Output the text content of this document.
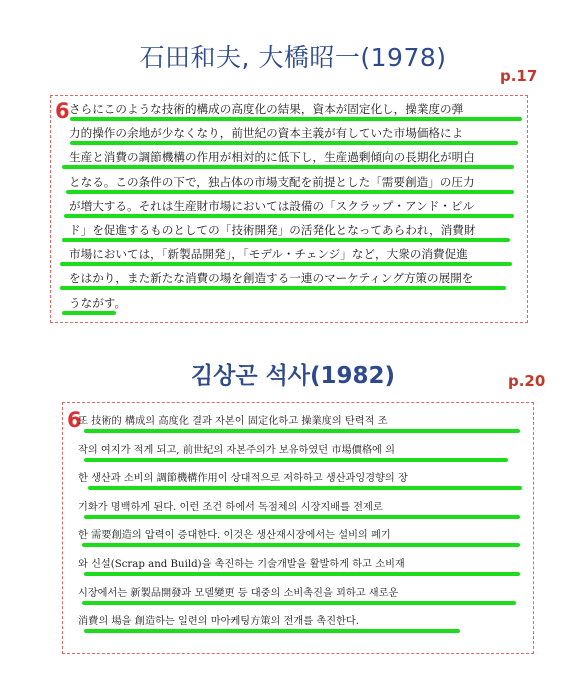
石田和夫, 大橋昭一(1978)
p.17
6 さらにこのような技術的構成の高度化の結果，資本が固定化し，操業度の弾
力的操作の余地が少なくなり，前世紀の資本主義が有していた市場価格によ
生産と消費の調節機構の作用が相対的に低下し，生産過剰傾向の長期化が明白
となる。この条件の下で，独占体の市場支配を前提とした「需要創造」の圧力
が増大する。それは生産財市場においては設備の「スクラップ・アンド・ビル
ド」を促進するものとしての「技術開発」の活発化となってあらわれ，消費財
市場においては，「新製品開発」，「モデル・チェンジ」など，大衆の消費促進
をはかり，また新たな消費の場を創造する一連のマーケティング方策の展開を
うながす。
김상곤 석사(1982)	p.20
6
또 技術的 構成의 高度化 결과 자본이 固定化하고 操業度의 탄력적 조
작의 여지가 적게 되고, 前世紀의 자본주의가 보유하였던 市場價格에 의
한 생산과 소비의 調節機構作用이 상대적으로 저하하고 생산과잉경향의 장
기화가 명백하게 된다. 이런 조건 하에서 독점체의 시장지배를 전제로
한 需要創造의 압력이 증대한다. 이것은 생산재시장에서는 설비의 폐기
와 신설(Scrap and Build)을 촉진하는 기술개발을 활발하게 하고 소비재
시장에서는 新製品開發과 모델變更 등 대중의 소비촉진을 꾀하고 새로운
消費의 場을 創造하는 일련의 마아케팅方策의 전개를 촉진한다.
